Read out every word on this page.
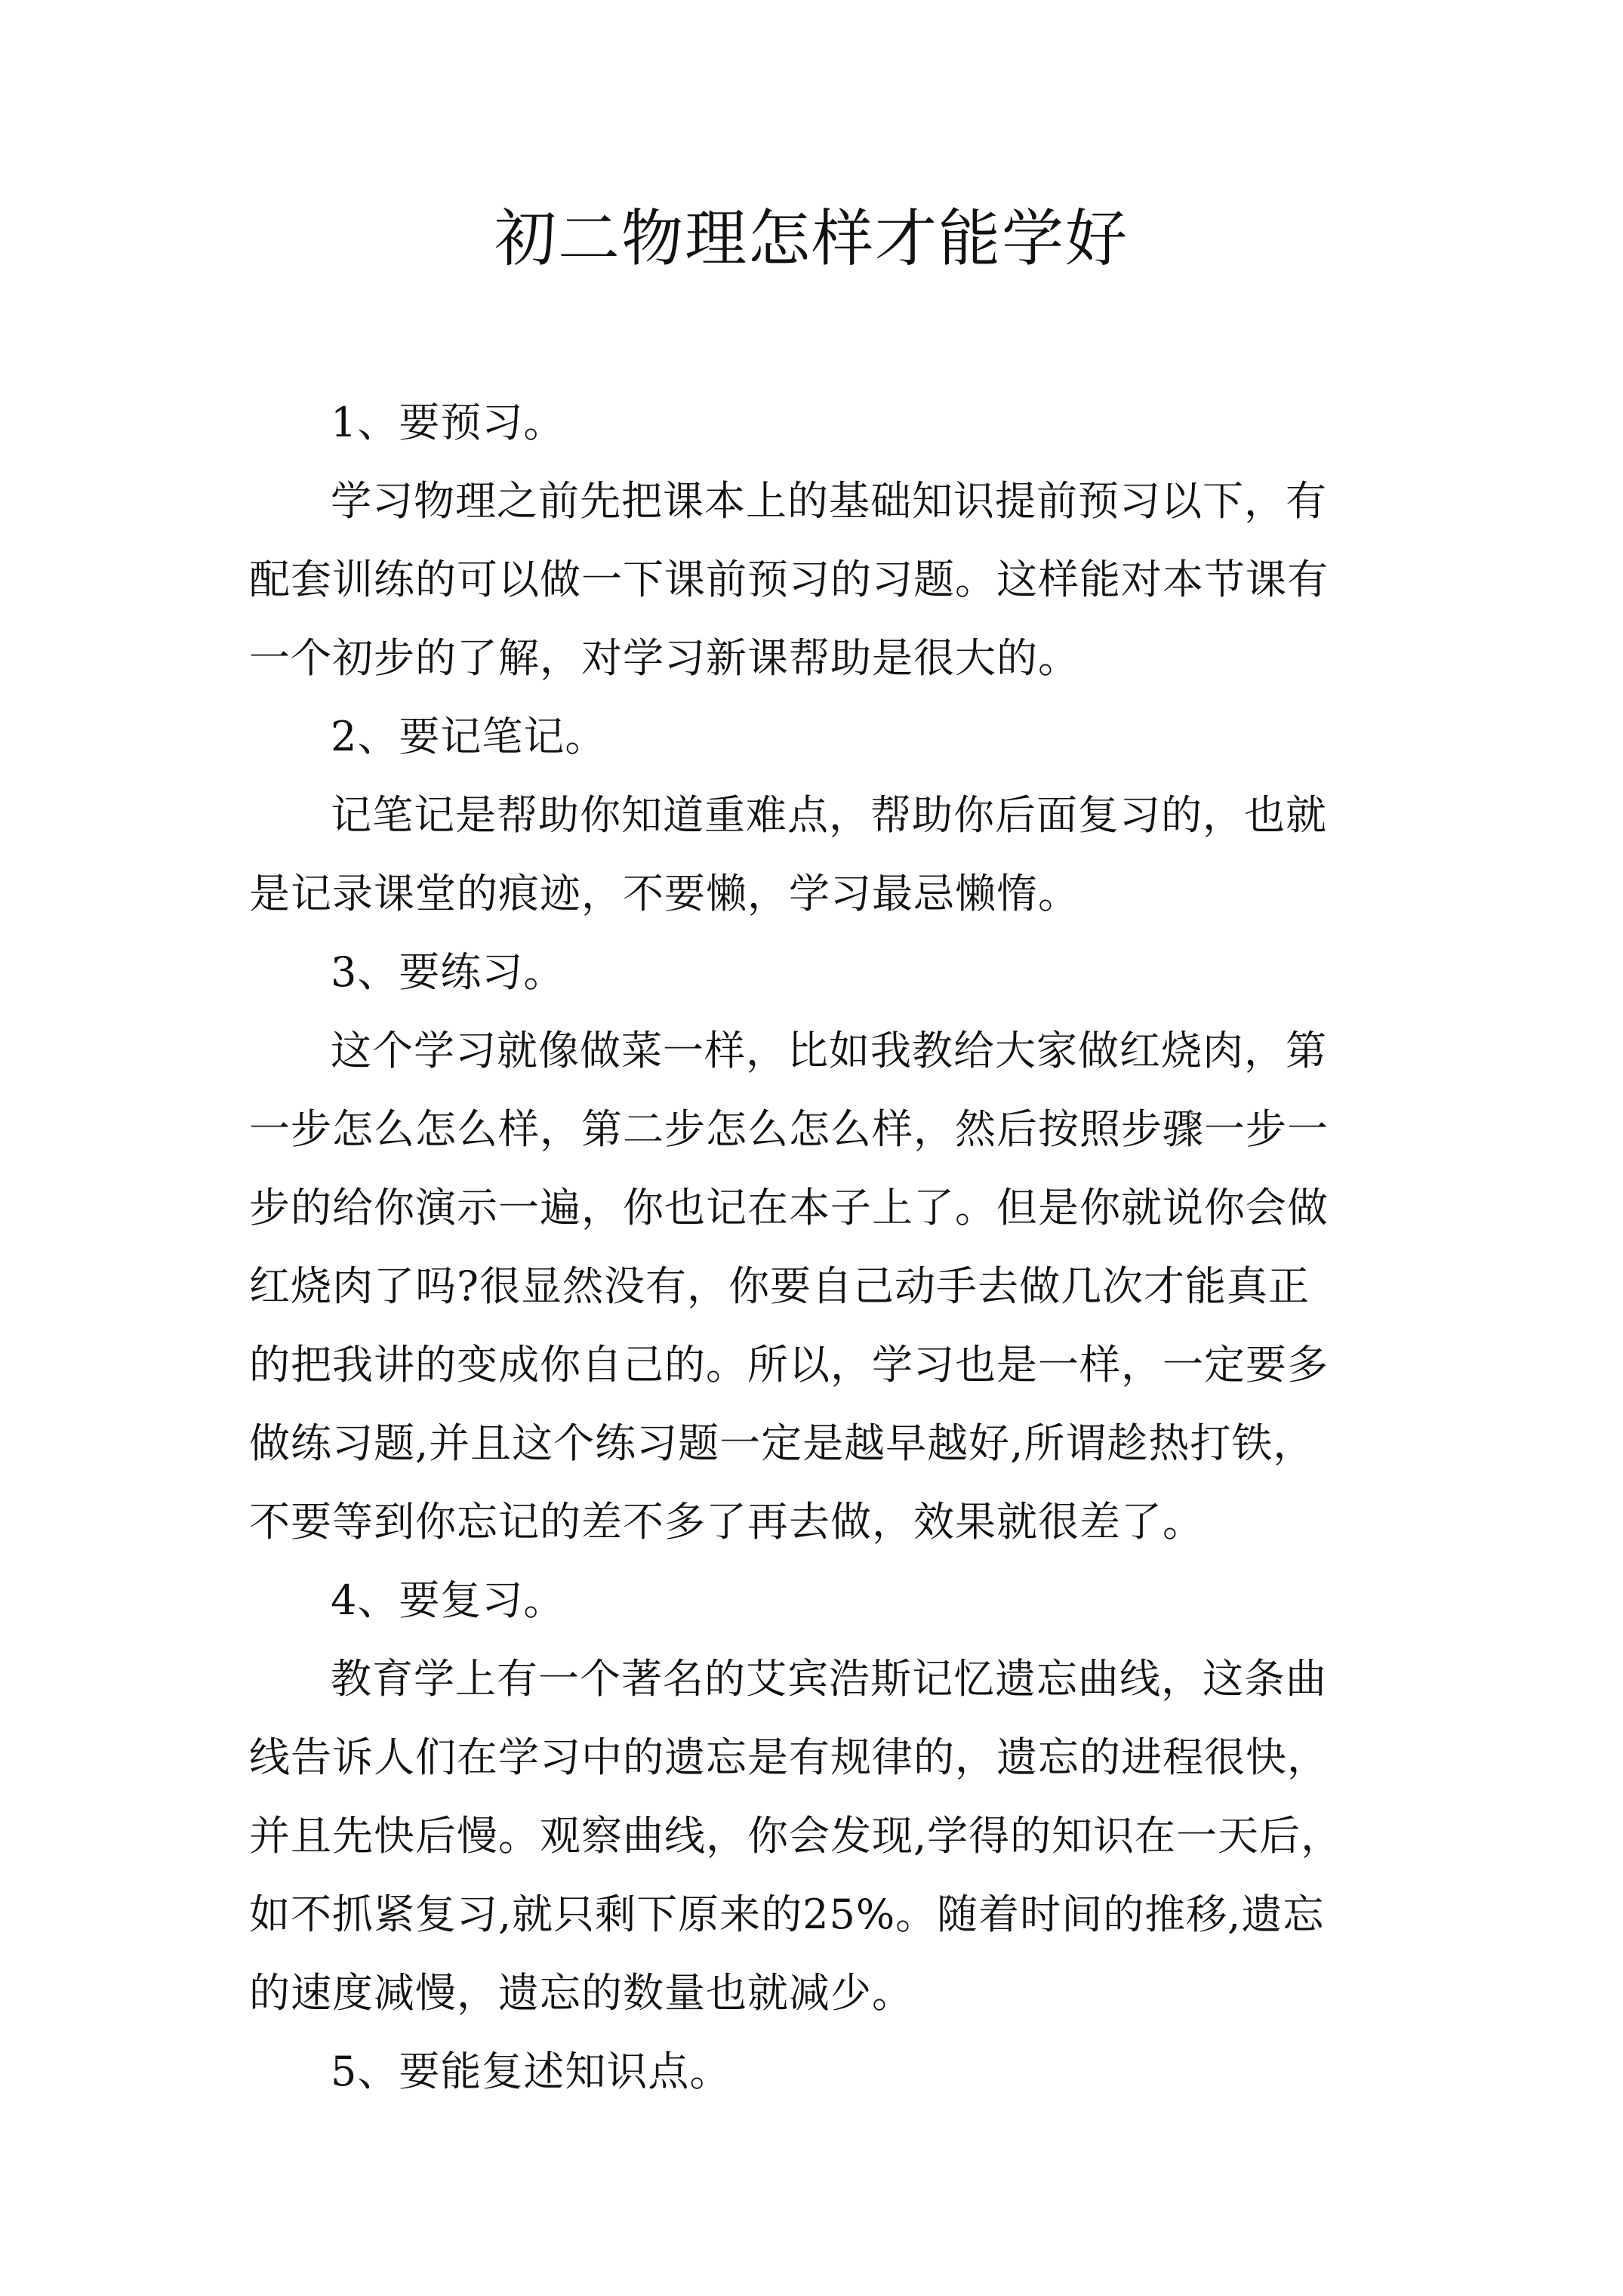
初二物理怎样才能学好
1、要预习。
学习物理之前先把课本上的基础知识提前预习以下，有
配套训练的可以做一下课前预习的习题。这样能对本节课有
一个初步的了解，对学习新课帮助是很大的。
2、要记笔记。
记笔记是帮助你知道重难点，帮助你后面复习的，也就
是记录课堂的痕迹，不要懒，学习最忌懒惰。
3、要练习。
这个学习就像做菜一样，比如我教给大家做红烧肉，第
一步怎么怎么样，第二步怎么怎么样，然后按照步骤一步一
步的给你演示一遍，你也记在本子上了。但是你就说你会做
红烧肉了吗?很显然没有，你要自己动手去做几次才能真正
的把我讲的变成你自己的。所以，学习也是一样，一定要多
做练习题,并且这个练习题一定是越早越好,所谓趁热打铁，
不要等到你忘记的差不多了再去做，效果就很差了。
4、要复习。
教育学上有一个著名的艾宾浩斯记忆遗忘曲线，这条曲
线告诉人们在学习中的遗忘是有规律的，遗忘的进程很快，
并且先快后慢。观察曲线，你会发现,学得的知识在一天后，
如不抓紧复习,就只剩下原来的25%。随着时间的推移,遗忘
的速度减慢，遗忘的数量也就减少。
5、要能复述知识点。
